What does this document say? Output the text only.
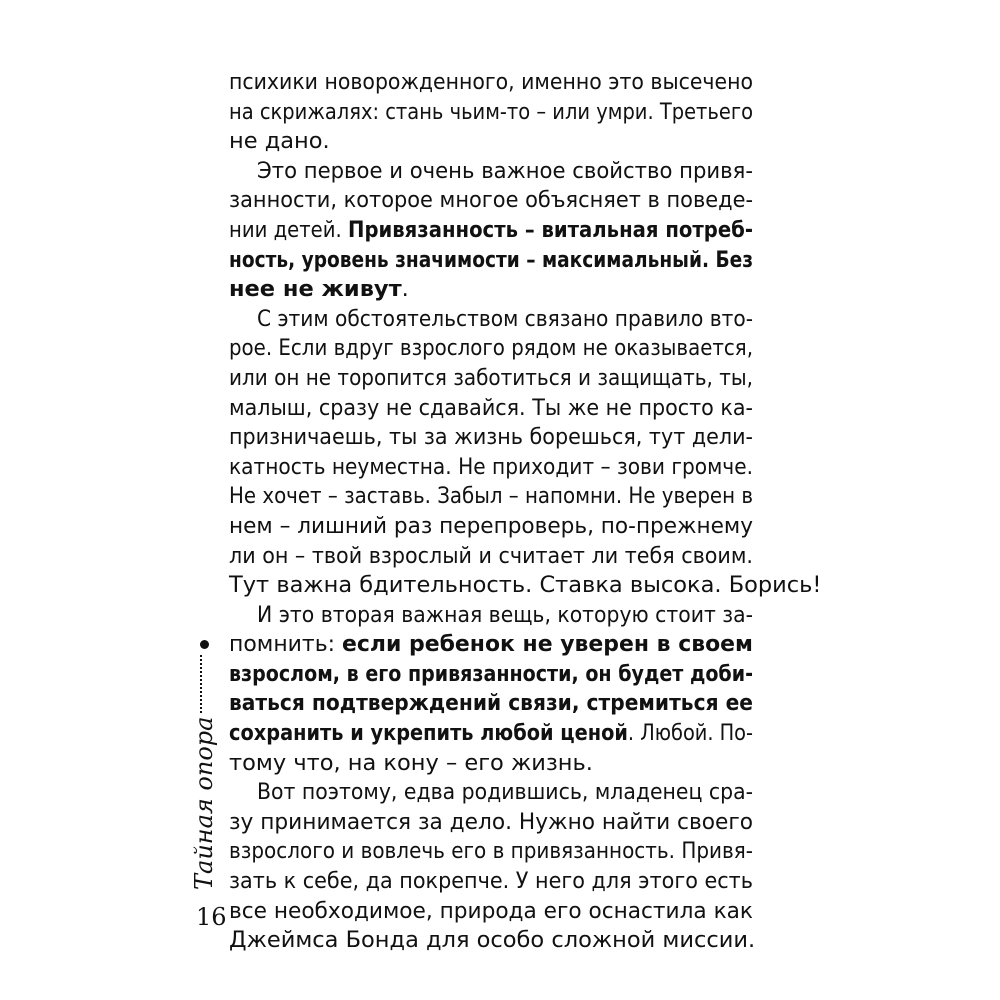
психики новорожденного, именно это высечено
на скрижалях: стань чьим-то – или умри. Третьего
не дано.
Это первое и очень важное свойство привя-
занности, которое многое объясняет в поведе-
нии детей. Привязанность – витальная потреб-
ность, уровень значимости – максимальный. Без
нее не живут.
С этим обстоятельством связано правило вто-
рое. Если вдруг взрослого рядом не оказывается,
или он не торопится заботиться и защищать, ты,
малыш, сразу не сдавайся. Ты же не просто ка-
призничаешь, ты за жизнь борешься, тут дели-
катность неуместна. Не приходит – зови громче.
Не хочет – заставь. Забыл – напомни. Не уверен в
нем – лишний раз перепроверь, по-прежнему
ли он – твой взрослый и считает ли тебя своим.
Тут важна бдительность. Ставка высока. Борись!
И это вторая важная вещь, которую стоит за-
помнить: если ребенок не уверен в своем
взрослом, в его привязанности, он будет доби-
ваться подтверждений связи, стремиться ее
сохранить и укрепить любой ценой. Любой. По-
тому что, на кону – его жизнь.
Вот поэтому, едва родившись, младенец сра-
зу принимается за дело. Нужно найти своего
взрослого и вовлечь его в привязанность. Привя-
зать к себе, да покрепче. У него для этого есть
все необходимое, природа его оснастила как
Джеймса Бонда для особо сложной миссии.
Тайная опора
16
